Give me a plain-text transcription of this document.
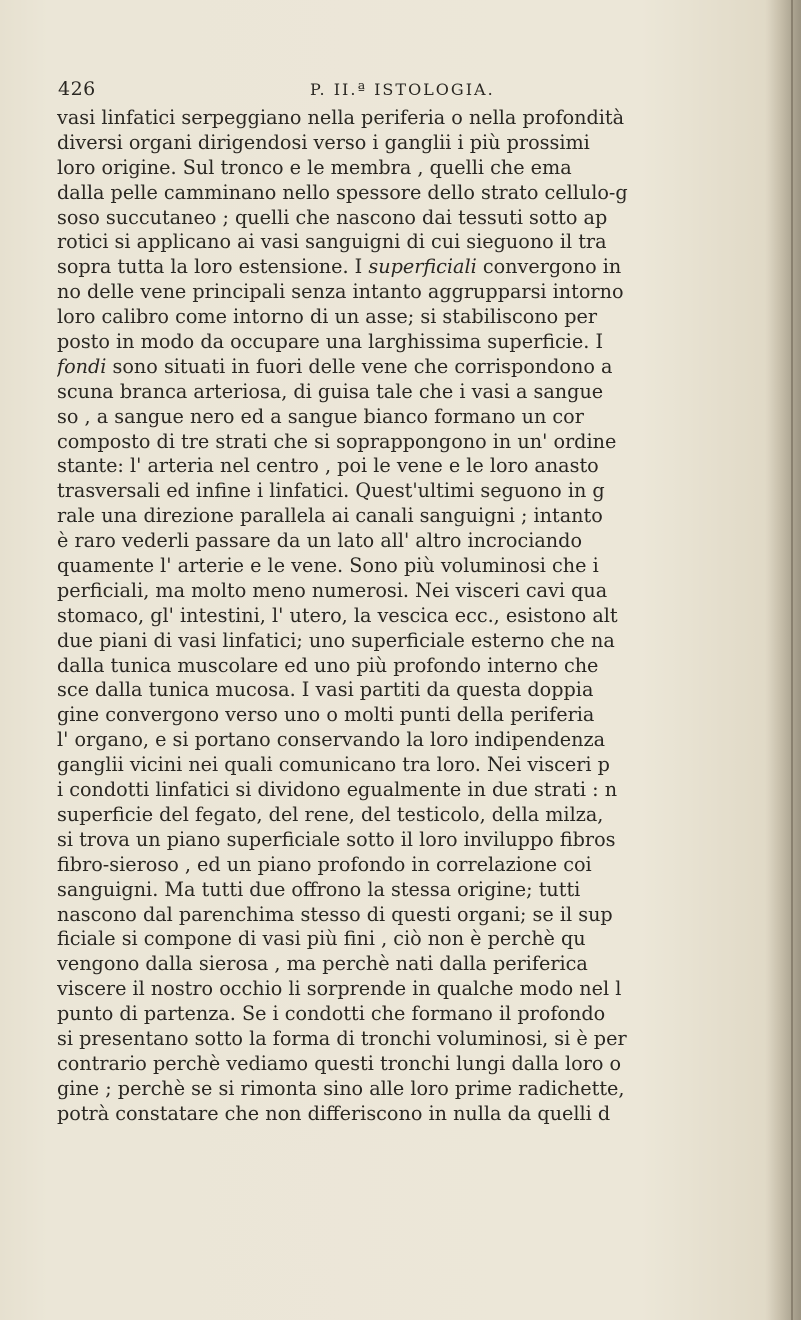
426	P. II.ª ISTOLOGIA.
vasi linfatici serpeggiano nella periferia o nella profondità
diversi organi dirigendosi verso i ganglii i più prossimi
loro origine. Sul tronco e le membra , quelli che ema
dalla pelle camminano nello spessore dello strato cellulo-g
soso succutaneo ; quelli che nascono dai tessuti sotto ap
rotici si applicano ai vasi sanguigni di cui sieguono il tra
sopra tutta la loro estensione. I superficiali convergono in
no delle vene principali senza intanto aggrupparsi intorno
loro calibro come intorno di un asse; si stabiliscono per
posto in modo da occupare una larghissima superficie. I
fondi sono situati in fuori delle vene che corrispondono a
scuna branca arteriosa, di guisa tale che i vasi a sangue
so , a sangue nero ed a sangue bianco formano un cor
composto di tre strati che si soprappongono in un' ordine
stante: l' arteria nel centro , poi le vene e le loro anasto
trasversali ed infine i linfatici. Quest'ultimi seguono in g
rale una direzione parallela ai canali sanguigni ; intanto
è raro vederli passare da un lato all' altro incrociando
quamente l' arterie e le vene. Sono più voluminosi che i
perficiali, ma molto meno numerosi. Nei visceri cavi qua
stomaco, gl' intestini, l' utero, la vescica ecc., esistono alt
due piani di vasi linfatici; uno superficiale esterno che na
dalla tunica muscolare ed uno più profondo interno che
sce dalla tunica mucosa. I vasi partiti da questa doppia
gine convergono verso uno o molti punti della periferia
l' organo, e si portano conservando la loro indipendenza
ganglii vicini nei quali comunicano tra loro. Nei visceri p
i condotti linfatici si dividono egualmente in due strati : n
superficie del fegato, del rene, del testicolo, della milza,
si trova un piano superficiale sotto il loro inviluppo fibros
fibro-sieroso , ed un piano profondo in correlazione coi
sanguigni. Ma tutti due offrono la stessa origine; tutti
nascono dal parenchima stesso di questi organi; se il sup
ficiale si compone di vasi più fini , ciò non è perchè qu
vengono dalla sierosa , ma perchè nati dalla periferica
viscere il nostro occhio li sorprende in qualche modo nel l
punto di partenza. Se i condotti che formano il profondo
si presentano sotto la forma di tronchi voluminosi, si è per
contrario perchè vediamo questi tronchi lungi dalla loro o
gine ; perchè se si rimonta sino alle loro prime radichette,
potrà constatare che non differiscono in nulla da quelli d
